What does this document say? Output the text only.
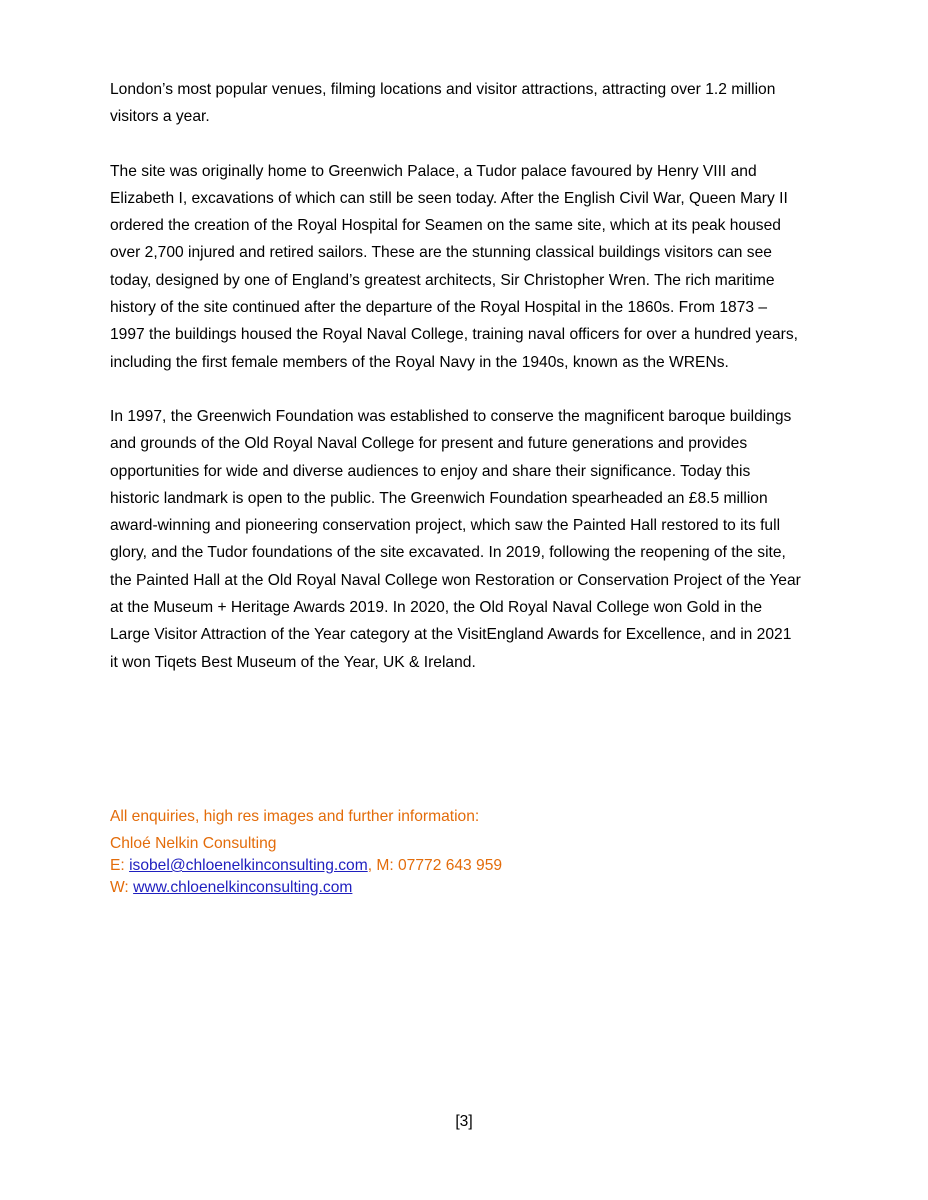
London’s most popular venues, filming locations and visitor attractions, attracting over 1.2 million
visitors a year.

The site was originally home to Greenwich Palace, a Tudor palace favoured by Henry VIII and
Elizabeth I, excavations of which can still be seen today. After the English Civil War, Queen Mary II
ordered the creation of the Royal Hospital for Seamen on the same site, which at its peak housed
over 2,700 injured and retired sailors. These are the stunning classical buildings visitors can see
today, designed by one of England’s greatest architects, Sir Christopher Wren. The rich maritime
history of the site continued after the departure of the Royal Hospital in the 1860s. From 1873 –
1997 the buildings housed the Royal Naval College, training naval officers for over a hundred years,
including the first female members of the Royal Navy in the 1940s, known as the WRENs.

In 1997, the Greenwich Foundation was established to conserve the magnificent baroque buildings
and grounds of the Old Royal Naval College for present and future generations and provides
opportunities for wide and diverse audiences to enjoy and share their significance. Today this
historic landmark is open to the public. The Greenwich Foundation spearheaded an £8.5 million
award-winning and pioneering conservation project, which saw the Painted Hall restored to its full
glory, and the Tudor foundations of the site excavated. In 2019, following the reopening of the site,
the Painted Hall at the Old Royal Naval College won Restoration or Conservation Project of the Year
at the Museum + Heritage Awards 2019. In 2020, the Old Royal Naval College won Gold in the
Large Visitor Attraction of the Year category at the VisitEngland Awards for Excellence, and in 2021
it won Tiqets Best Museum of the Year, UK & Ireland.

All enquiries, high res images and further information:
Chloé Nelkin Consulting
E: isobel@chloenelkinconsulting.com, M: 07772 643 959
W: www.chloenelkinconsulting.com
[3]
